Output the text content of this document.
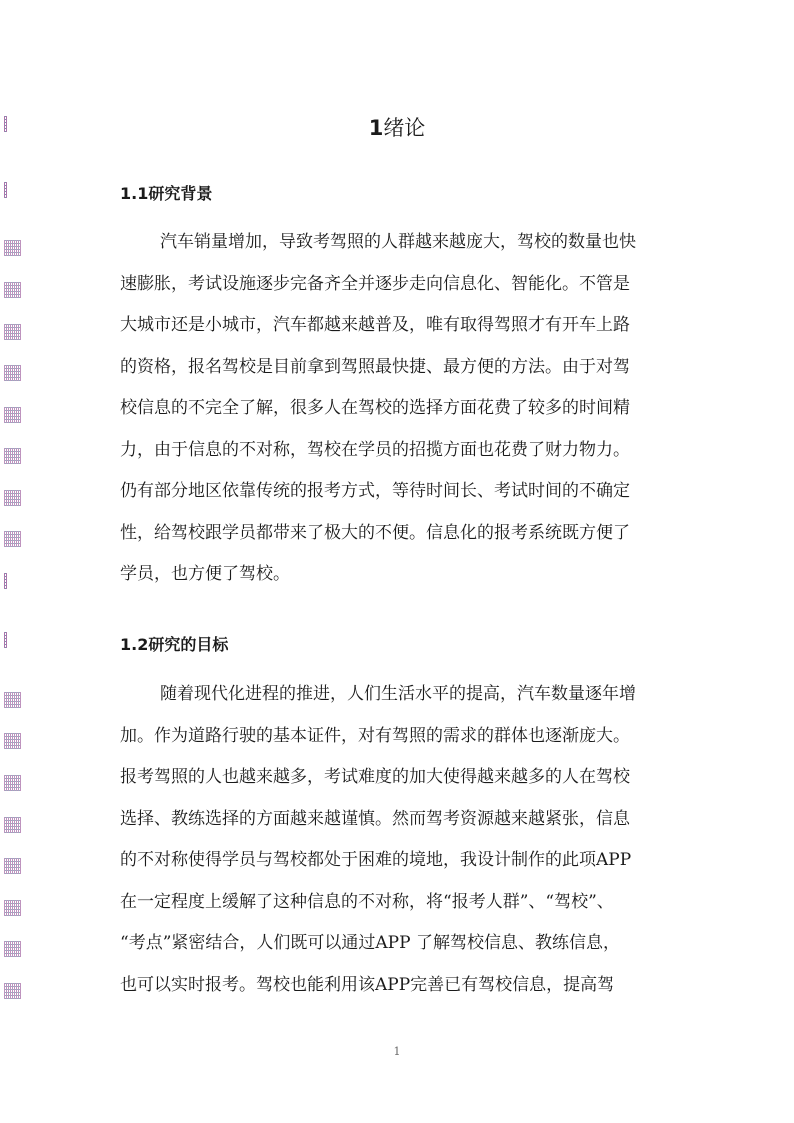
1绪论
1.1研究背景

汽车销量增加，导致考驾照的人群越来越庞大，驾校的数量也快
速膨胀，考试设施逐步完备齐全并逐步走向信息化、智能化。不管是
大城市还是小城市，汽车都越来越普及，唯有取得驾照才有开车上路
的资格，报名驾校是目前拿到驾照最快捷、最方便的方法。由于对驾
校信息的不完全了解，很多人在驾校的选择方面花费了较多的时间精
力，由于信息的不对称，驾校在学员的招揽方面也花费了财力物力。
仍有部分地区依靠传统的报考方式，等待时间长、考试时间的不确定
性，给驾校跟学员都带来了极大的不便。信息化的报考系统既方便了
学员，也方便了驾校。

1.2研究的目标

随着现代化进程的推进，人们生活水平的提高，汽车数量逐年增
加。作为道路行驶的基本证件，对有驾照的需求的群体也逐渐庞大。
报考驾照的人也越来越多，考试难度的加大使得越来越多的人在驾校
选择、教练选择的方面越来越谨慎。然而驾考资源越来越紧张，信息
的不对称使得学员与驾校都处于困难的境地，我设计制作的此项APP
在一定程度上缓解了这种信息的不对称，将“报考人群”、“驾校”、
“考点”紧密结合，人们既可以通过APP 了解驾校信息、教练信息，
也可以实时报考。驾校也能利用该APP完善已有驾校信息，提高驾

1
